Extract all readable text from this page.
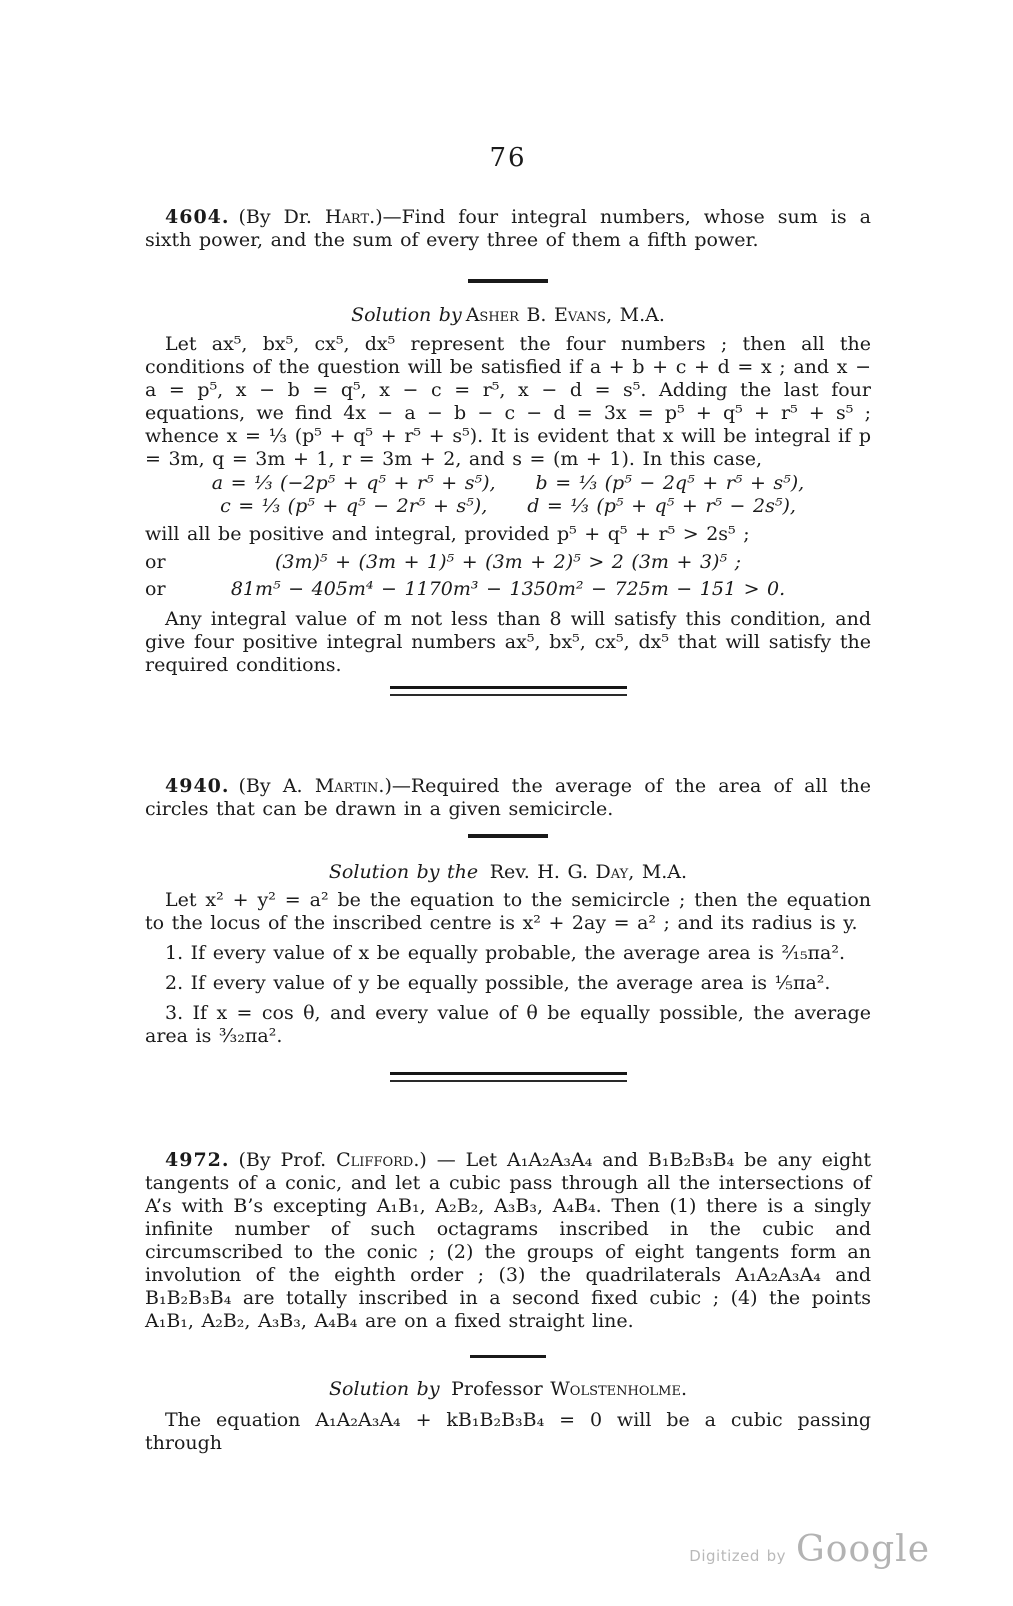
76

4604. (By Dr. Hart.)—Find four integral numbers, whose sum is a sixth power, and the sum of every three of them a fifth power.

Solution by Asher B. Evans, M.A.

Let ax⁵, bx⁵, cx⁵, dx⁵ represent the four numbers ; then all the conditions of the question will be satisfied if a + b + c + d = x ; and x − a = p⁵, x − b = q⁵, x − c = r⁵, x − d = s⁵. Adding the last four equations, we find 4x − a − b − c − d = 3x = p⁵ + q⁵ + r⁵ + s⁵ ; whence x = ⅓ (p⁵ + q⁵ + r⁵ + s⁵). It is evident that x will be integral if p = 3m, q = 3m + 1, r = 3m + 2, and s = (m + 1). In this case,

a = ⅓ (−2p⁵ + q⁵ + r⁵ + s⁵), b = ⅓ (p⁵ − 2q⁵ + r⁵ + s⁵),
c = ⅓ (p⁵ + q⁵ − 2r⁵ + s⁵), d = ⅓ (p⁵ + q⁵ + r⁵ − 2s⁵),

will all be positive and integral, provided p⁵ + q⁵ + r⁵ > 2s⁵ ;

or	(3m)⁵ + (3m + 1)⁵ + (3m + 2)⁵ > 2 (3m + 3)⁵ ;
or	81m⁵ − 405m⁴ − 1170m³ − 1350m² − 725m − 151 > 0.

Any integral value of m not less than 8 will satisfy this condition, and give four positive integral numbers ax⁵, bx⁵, cx⁵, dx⁵ that will satisfy the required conditions.

4940. (By A. Martin.)—Required the average of the area of all the circles that can be drawn in a given semicircle.

Solution by the Rev. H. G. Day, M.A.

Let x² + y² = a² be the equation to the semicircle ; then the equation to the locus of the inscribed centre is x² + 2ay = a² ; and its radius is y.

1. If every value of x be equally probable, the average area is ²⁄₁₅πa².

2. If every value of y be equally possible, the average area is ⅕πa².

3. If x = cos θ, and every value of θ be equally possible, the average area is ³⁄₃₂πa².

4972. (By Prof. Clifford.) — Let A₁A₂A₃A₄ and B₁B₂B₃B₄ be any eight tangents of a conic, and let a cubic pass through all the intersections of A’s with B’s excepting A₁B₁, A₂B₂, A₃B₃, A₄B₄. Then (1) there is a singly infinite number of such octagrams inscribed in the cubic and circumscribed to the conic ; (2) the groups of eight tangents form an involution of the eighth order ; (3) the quadrilaterals A₁A₂A₃A₄ and B₁B₂B₃B₄ are totally inscribed in a second fixed cubic ; (4) the points A₁B₁, A₂B₂, A₃B₃, A₄B₄ are on a fixed straight line.

Solution by Professor Wolstenholme.

The equation A₁A₂A₃A₄ + kB₁B₂B₃B₄ = 0 will be a cubic passing through

Digitized by Google
